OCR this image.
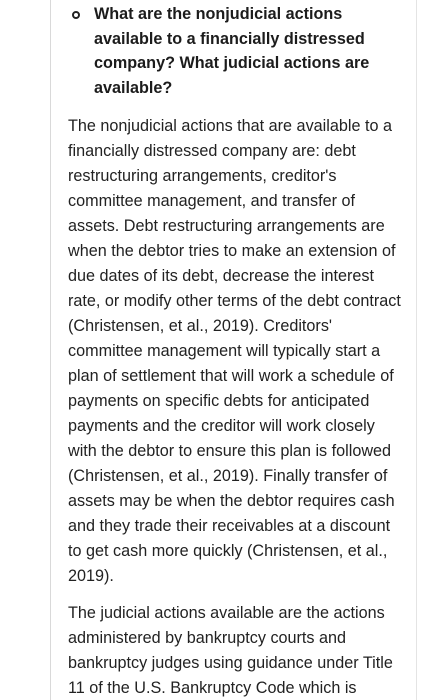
What are the nonjudicial actions available to a financially distressed company? What judicial actions are available?

The nonjudicial actions that are available to a financially distressed company are: debt restructuring arrangements, creditor's committee management, and transfer of assets. Debt restructuring arrangements are when the debtor tries to make an extension of due dates of its debt, decrease the interest rate, or modify other terms of the debt contract (Christensen, et al., 2019). Creditors' committee management will typically start a plan of settlement that will work a schedule of payments on specific debts for anticipated payments and the creditor will work closely with the debtor to ensure this plan is followed (Christensen, et al., 2019). Finally transfer of assets may be when the debtor requires cash and they trade their receivables at a discount to get cash more quickly (Christensen, et al., 2019).

The judicial actions available are the actions administered by bankruptcy courts and bankruptcy judges using guidance under Title 11 of the U.S. Bankruptcy Code which is
